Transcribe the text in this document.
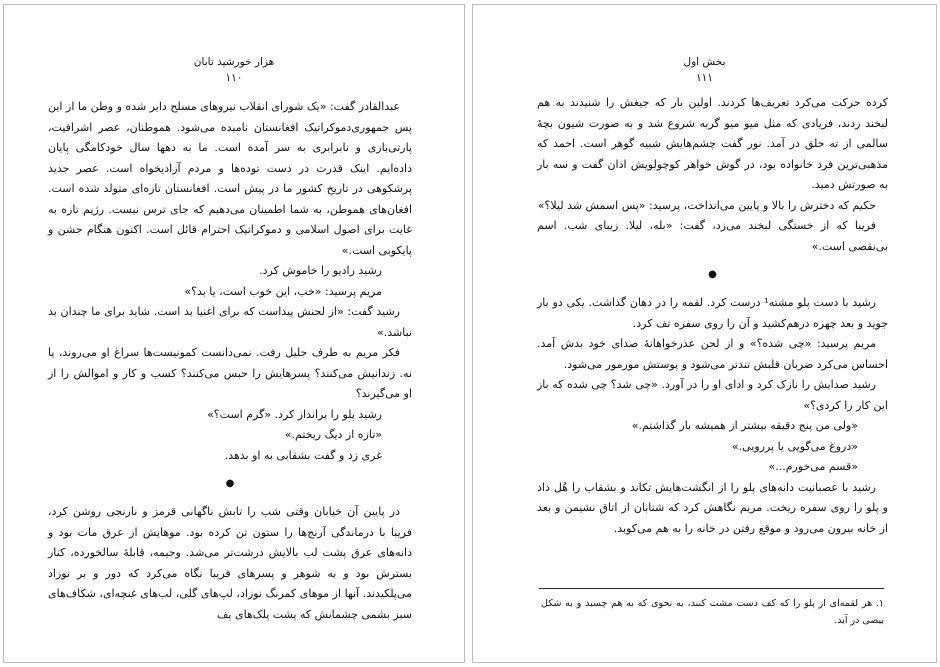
هزار خورشید تابان
۱۱۰

عبدالقادر گفت: «یک شورای انقلاب نیروهای مسلح دایر شده و وطن ما از این پس جمهوری‌دموکراتیک افغانستان نامیده می‌شود. هموطنان، عصر اشرافیت، پارتی‌بازی و نابرابری به سر آمده است. ما به دهها سال خودکامگی پایان داده‌ایم. اینک قدرت در دست توده‌ها و مردم آزادیخواه است. عصر جدید پرشکوهی در تاریخ کشور ما در پیش است. افغانستان تازه‌ای متولد شده است. افغان‌های هموطن، به شما اطمینان می‌دهیم که جای ترس نیست. رژیم تازه به غایت برای اصول اسلامی و دموکراتیک احترام قائل است. اکنون هنگام جشن و پایکوبی است.»

رشید رادیو را خاموش کرد.

مریم پرسید: «خب، این خوب است، یا بد؟»

رشید گفت: «از لحنش پیداست که برای اغنیا بد است. شاید برای ما چندان بد نباشد.»

فکر مریم به طرف جلیل رفت. نمی‌دانست کمونیست‌ها سراغ او می‌روند، یا نه. زندانیش می‌کنند؟ پسرهایش را حبس می‌کنند؟ کسب و کار و اموالش را از او می‌گیرند؟

رشید پلو را برانداز کرد. «گرم است؟»

«تازه از دیگ ریختم.»

غری زد و گفت بشقابی به او بدهد.

●

در پایین آن خیابان وقتی شب را تابش ناگهانی قرمز و نارنجی روشن کرد، فریبا با درماندگی آرنج‌ها را ستون تن کرده بود. موهایش از عرق مات بود و دانه‌های عرق پشت لب بالایش درشت‌تر می‌شد. وجیمه، قابلهٔ سالخورده، کنار بسترش بود و به شوهر و پسرهای فریبا نگاه می‌کرد که دور و بر نوزاد می‌پلکیدند. آنها از موهای کمرنگ نوزاد، لپ‌های گلی، لب‌های غنچه‌ای، شکاف‌های سبز بشمی چشمانش که پشت پلک‌های پف

بخش اول
۱۱۱

کرده حرکت می‌کرد تعریف‌ها کردند. اولین بار که جیغش را شنیدند به هم لبخند زدند، فریادی که مثل میو میو گربه شروع شد و به صورت شیون بچهٔ سالمی از ته حلق در آمد. نور گفت چشم‌هایش شبیه گوهر است. احمد که مذهبی‌ترین فرد خانواده بود، در گوش خواهر کوچولویش اذان گفت و سه بار به صورتش دمید.

حکیم که دخترش را بالا و پایین می‌انداخت، پرسید: «پس اسمش شد لیلا؟»

فریبا که از خستگی لبخند می‌زد، گفت: «بله، لیلا. زیبای شب. اسم بی‌نقصی است.»

●

رشید با دست پلو مشته¹ درست کرد. لقمه را در دهان گذاشت. یکی دو بار جوید و بعد چهره درهم‌کشید و آن را روی سفره تف کرد.

مریم پرسید: «چی شده؟» و از لحن عذرخواهانهٔ صدای خود بدش آمد. احساس می‌کرد ضربان قلبش تندتر می‌شود و پوستش مورمور می‌شود.

رشید صدایش را نازک کرد و ادای او را در آورد. «چی شد؟ چی شده که باز این کار را کردی؟»

«ولی من پنج دقیقه بیشتر از همیشه بار گذاشتم.»

«دروغ می‌گویی یا پررویی.»

«قسم می‌خورم...»

رشید با عصبانیت دانه‌های پلو را از انگشت‌هایش تکاند و بشقاب را هُل داد و پلو را روی سفره ریخت. مریم نگاهش کرد که شتابان از اتاق نشیمن و بعد از خانه بیرون می‌رود و موقع رفتن در خانه را به هم می‌کوبد.

۱. هر لقمه‌ای از پلو را که کف دست مشت کنند، به نحوی که به هم چسبد و به شکل بیضی در آید.
